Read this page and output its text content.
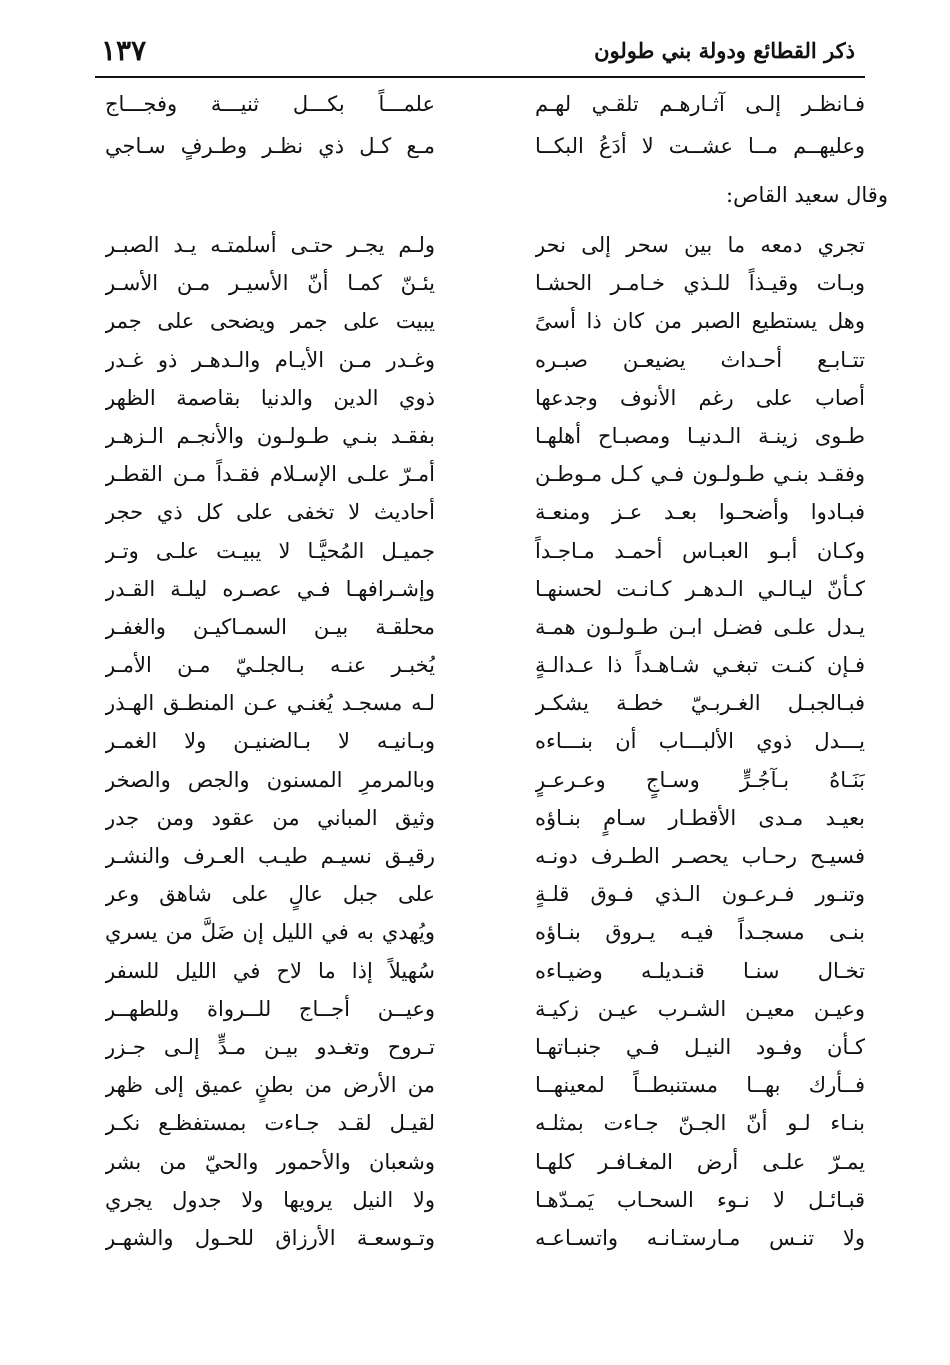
ذكر القطائع ودولة بني طولون
١٣٧
فـانظـر إلـى آثـارهـم تلقـي لهـم
علمـــاً بكـــل ثنيـــة وفجـــاج
وعليهــم مــا عشــت لا أدَعُ البكــا
مـع كـل ذي نظـر وطـرفٍ سـاجي
وقال سعيد القاص:
تجري دمعه ما بين سحر إلى نحر
ولـم يجـر حتـى أسلمتـه يـد الصبـر
وبـات وقيـذاً للـذي خـامـر الحشـا
يئـنّ كمـا أنّ الأسيـر مـن الأسـر
وهل يستطيع الصبر من كان ذا أسىً
يبيت على جمر ويضحى على جمر
تتـابـع أحـداث يضيعـن صبـره
وغـدر مـن الأيـام والـدهـر ذو غـدر
أصاب على رغم الأنوف وجدعها
ذوي الدين والدنيا بقاصمة الظهر
طـوى زينـة الـدنيـا ومصبـاح أهلهـا
بفقـد بنـي طـولـون والأنجـم الـزهـر
وفقـد بنـي طـولـون فـي كـل مـوطـن
أمـرّ علـى الإسـلام فقـداً مـن القطـر
فبـادوا وأضحـوا بعـد عـز ومنعـة
أحاديث لا تخفى على كل ذي حجر
وكـان أبـو العبـاس أحمـد مـاجـداً
جميـل المُحيَّـا لا يبيـت علـى وتـر
كـأنّ ليـالـي الـدهـر كـانـت لحسنهـا
وإشـرافهـا فـي عصـره ليلـة القـدر
يـدل علـى فضـل ابـن طـولـون همـة
محلقـة بيـن السمـاكيـن والغفـر
فـإن كنـت تبغـي شـاهـداً ذا عـدالـةٍ
يُخبـر عنـه بـالجلـيّ مـن الأمـر
فبـالجبـل الغـربـيّ خطـة يشكـر
لـه مسجـد يُغنـي عـن المنطـق الهـذر
يـــدل ذوي الألبـــاب أن بنـــاءه
وبـانيـه لا بـالضنيـن ولا الغمـر
بَنَـاهُ بـآجُـرٍّ وسـاجٍ وعـرعـرٍ
وبالمرمرِ المسنون والجص والصخر
بعيـد مـدى الأقطـار سـامٍ بنـاؤه
وثيق المباني من عقود ومن جدر
فسيـح رحـاب يحصـر الطـرف دونـه
رقيـق نسيـم طيـب العـرف والنشـر
وتنـور فـرعـون الـذي فـوق قلـةٍ
على جبل عالٍ على شاهق وعر
بنـى مسجـداً فيـه يـروق بنـاؤه
ويُهدي به في الليل إن ضَلَّ من يسري
تخـال سنـا قنـديلـه وضيـاءه
سُهيلاً إذا ما لاح في الليل للسفر
وعيـن معيـن الشـرب عيـن زكيـة
وعيــن أجــاج للــرواة وللطهــر
كـأن وفـود النيـل فـي جنبـاتهـا
تـروح وتغـدو بيـن مـدٍّ إلـى جـزر
فــأرك بهــا مستنبطــاً لمعينهــا
من الأرض من بطنٍ عميق إلى ظهر
بنـاء لـو أنّ الجـنّ جـاءت بمثلـه
لقيـل لقـد جـاءت بمستفظـع نكـر
يمـرّ علـى أرض المغـافـر كلهـا
وشعبان والأحمور والحيّ من بشر
قبـائـل لا نـوء السحـاب يَمـدّهـا
ولا النيل يرويها ولا جدول يجري
ولا تنـس مـارستـانـه واتسـاعـه
وتـوسعـة الأرزاق للحـول والشهـر
